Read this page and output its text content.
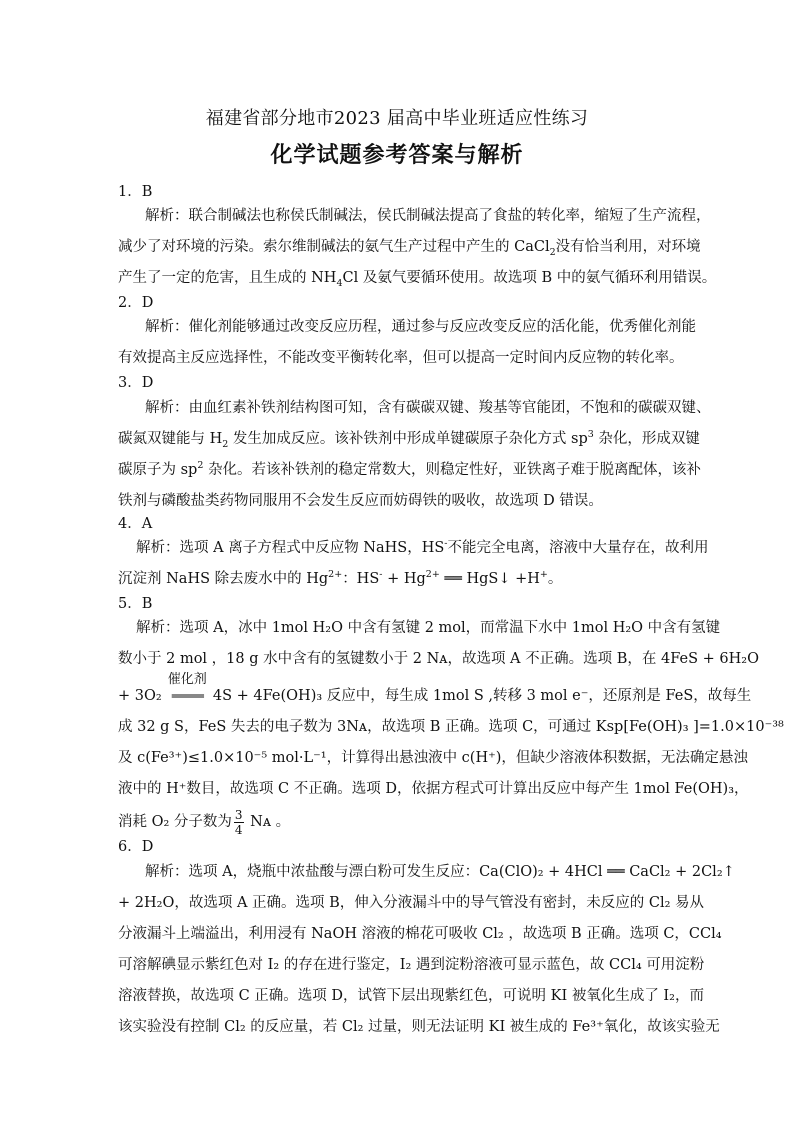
福建省部分地市2023 届高中毕业班适应性练习
化学试题参考答案与解析
1．B
解析：联合制碱法也称侯氏制碱法，侯氏制碱法提高了食盐的转化率，缩短了生产流程，
减少了对环境的污染。索尔维制碱法的氨气生产过程中产生的 CaCl$_2$没有恰当利用，对环境
产生了一定的危害，且生成的 $NH_4Cl$ 及氨气要循环使用。故选项 B 中的氨气循环利用错误。
2．D
解析：催化剂能够通过改变反应历程，通过参与反应改变反应的活化能，优秀催化剂能
有效提高主反应选择性，不能改变平衡转化率，但可以提高一定时间内反应物的转化率。
3．D
解析：由血红素补铁剂结构图可知，含有碳碳双键、羧基等官能团，不饱和的碳碳双键、
碳氮双键能与 $H_2$ 发生加成反应。该补铁剂中形成单键碳原子杂化方式 $sp^3$ 杂化，形成双键
碳原子为 $sp^2$ 杂化。若该补铁剂的稳定常数大，则稳定性好，亚铁离子难于脱离配体，该补
铁剂与磷酸盐类药物同服用不会发生反应而妨碍铁的吸收，故选项 D 错误。
4．A
解析：选项 A 离子方程式中反应物 NaHS，HS-不能完全电离，溶液中大量存在，故利用
沉淀剂 NaHS 除去废水中的 $Hg^{2+}$：$HS^- + Hg^{2+}$ ══ HgS↓ +H+。
5．B
解析：选项 A，冰中 1mol H₂O 中含有氢键 2 mol，而常温下水中 1mol H₂O 中含有氢键
数小于 2 mol ，18 g 水中含有的氢键数小于 2 Nᴀ，故选项 A 不正确。选项 B，在 4FeS + 6H₂O
+ 3O₂
催化剂
═════ 4S + 4Fe(OH)₃ 反应中，每生成 1mol S ,转移 3 mol e⁻，还原剂是 FeS，故每生
成 32 g S，FeS 失去的电子数为 3Nᴀ，故选项 B 正确。选项 C，可通过 Ksp[Fe(OH)₃ ]=1.0×10⁻³⁸
及 c(Fe³⁺)≤1.0×10⁻⁵ mol·L⁻¹，计算得出悬浊液中 c(H⁺)，但缺少溶液体积数据，无法确定悬浊
液中的 H⁺数目，故选项 C 不正确。选项 D，依据方程式可计算出反应中每产生 1mol Fe(OH)₃，
消耗 O₂ 分子数为 $\frac{3}{4}$ Nᴀ 。
6．D
解析：选项 A，烧瓶中浓盐酸与漂白粉可发生反应：Ca(ClO)₂ + 4HCl ══ CaCl₂ + 2Cl₂↑
+ 2H₂O，故选项 A 正确。选项 B，伸入分液漏斗中的导气管没有密封，未反应的 Cl₂ 易从
分液漏斗上端溢出，利用浸有 NaOH 溶液的棉花可吸收 Cl₂ ，故选项 B 正确。选项 C，CCl₄
可溶解碘显示紫红色对 I₂ 的存在进行鉴定，I₂ 遇到淀粉溶液可显示蓝色，故 CCl₄ 可用淀粉
溶液替换，故选项 C 正确。选项 D，试管下层出现紫红色，可说明 KI 被氧化生成了 I₂，而
该实验没有控制 Cl₂ 的反应量，若 Cl₂ 过量，则无法证明 KI 被生成的 Fe³⁺氧化，故该实验无
